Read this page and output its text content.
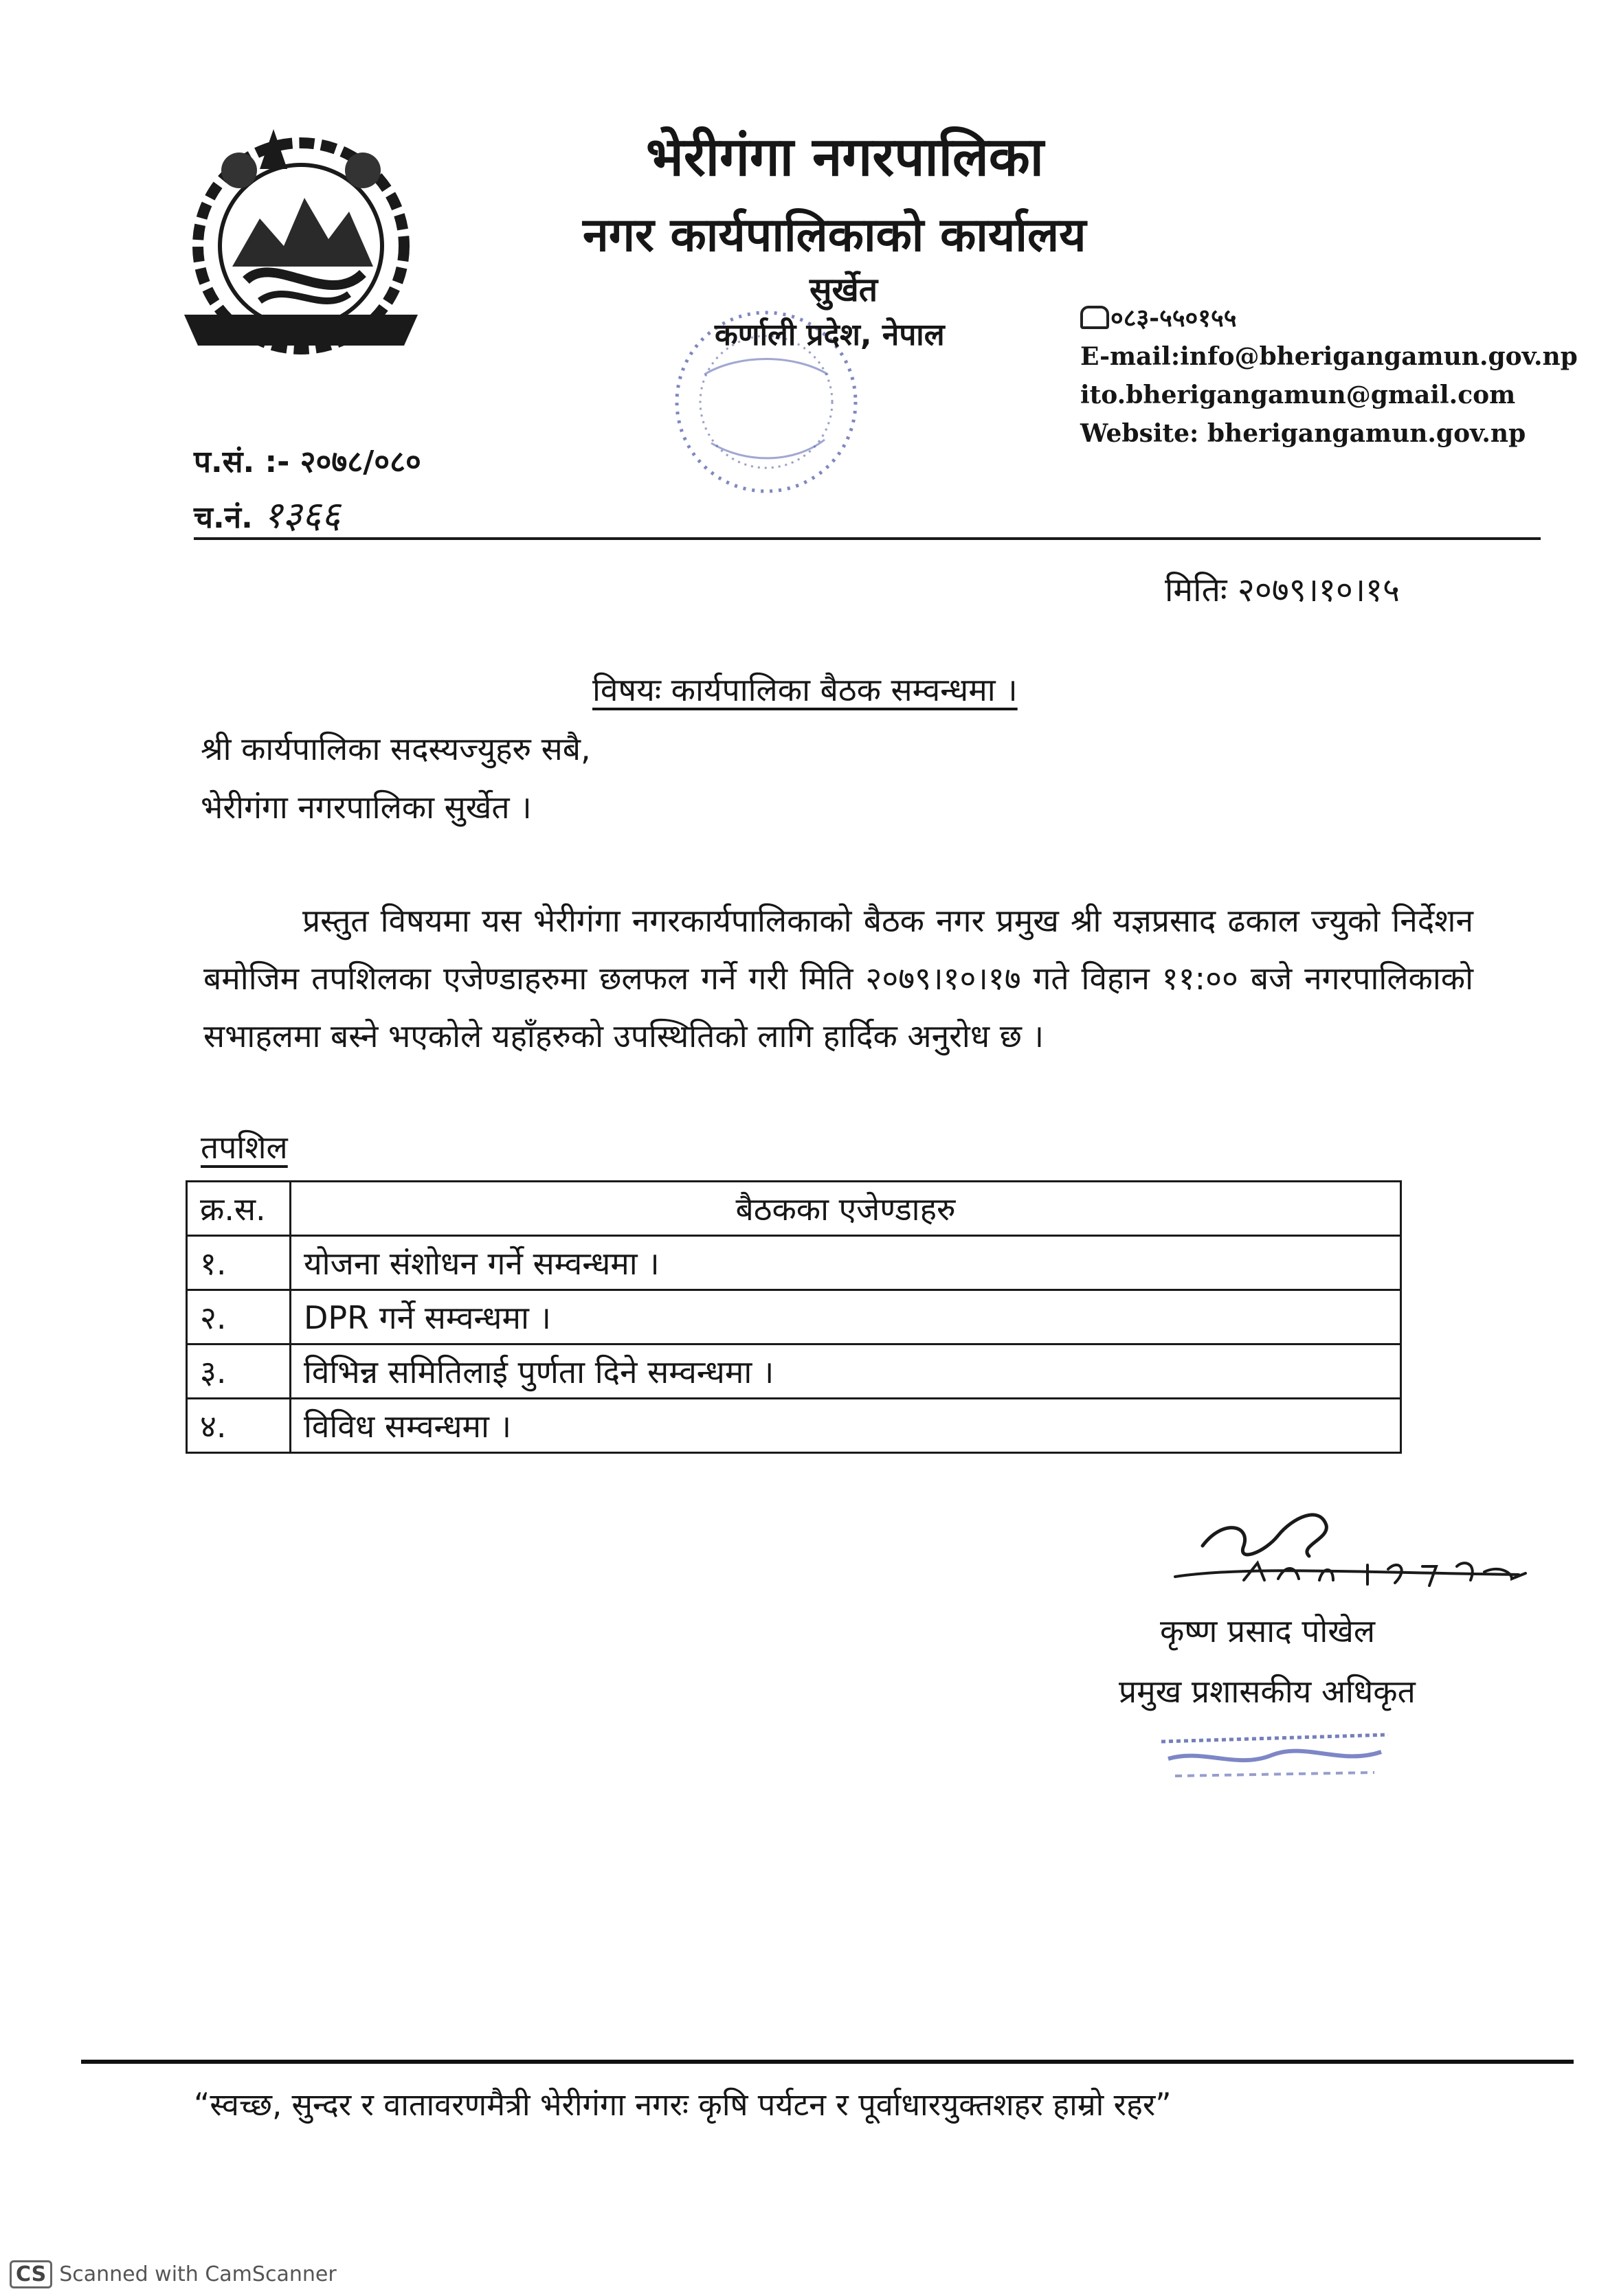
भेरीगंगा नगरपालिका
नगर कार्यपालिकाको कार्यालय
सुर्खेत
कर्णाली प्रदेश, नेपाल	०८३-५५०१५५
E-mail:info@bherigangamun.gov.np
ito.bherigangamun@gmail.com
Website: bherigangamun.gov.np
प.सं. :- २०७८/०८०
च.नं. १३६६
मितिः २०७९।१०।१५
विषयः कार्यपालिका बैठक सम्वन्धमा ।
श्री कार्यपालिका सदस्यज्युहरु सबै,
भेरीगंगा नगरपालिका सुर्खेत ।

प्रस्तुत विषयमा यस भेरीगंगा नगरकार्यपालिकाको बैठक नगर प्रमुख श्री यज्ञप्रसाद ढकाल ज्युको निर्देशन बमोजिम तपशिलका एजेण्डाहरुमा छलफल गर्ने गरी मिति २०७९।१०।१७ गते विहान ११:०० बजे नगरपालिकाको सभाहलमा बस्ने भएकोले यहाँहरुको उपस्थितिको लागि हार्दिक अनुरोध छ ।

तपशिल
क्र.स.	बैठकका एजेण्डाहरु
१.	योजना संशोधन गर्ने सम्वन्धमा ।
२.	DPR गर्ने सम्वन्धमा ।
३.	विभिन्न समितिलाई पुर्णता दिने सम्वन्धमा ।
४.	विविध सम्वन्धमा ।
कृष्ण प्रसाद पोखेल
प्रमुख प्रशासकीय अधिकृत
“स्वच्छ, सुन्दर र वातावरणमैत्री भेरीगंगा नगरः कृषि पर्यटन र पूर्वाधारयुक्तशहर हाम्रो रहर”
CS Scanned with CamScanner
